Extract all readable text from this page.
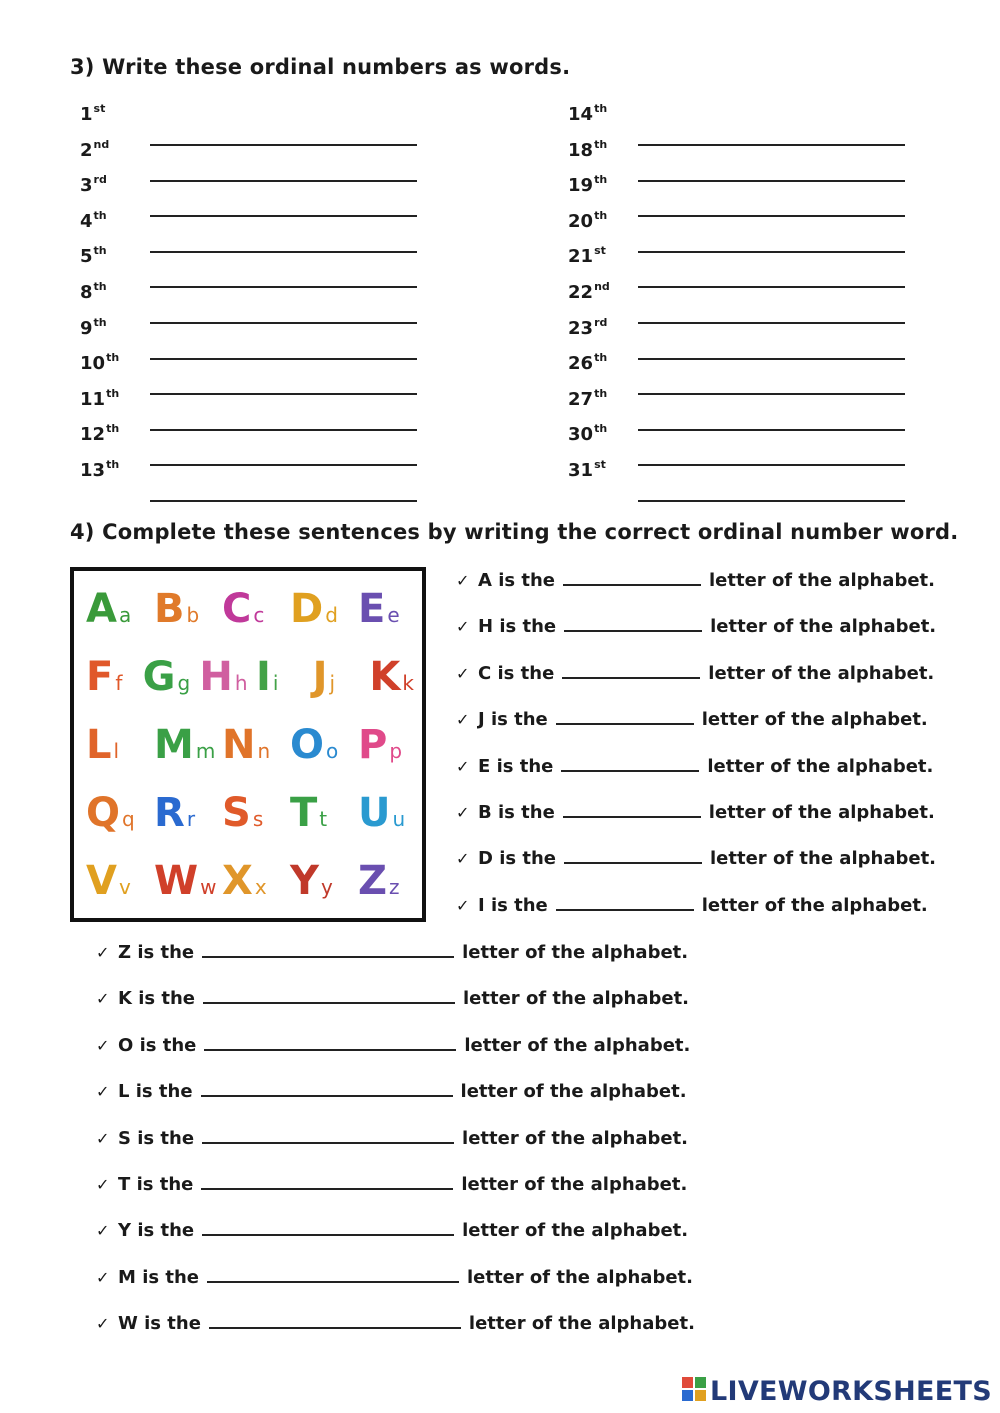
3) Write these ordinal numbers as words.
1st
2nd
3rd
4th
5th
8th
9th
10th
11th
12th
13th
14th
18th
19th
20th
21st
22nd
23rd
26th
27th
30th
31st
4) Complete these sentences by writing the correct ordinal number word.
Aa Bb Cc Dd Ee
Ff Gg Hh Ii Jj Kk
Ll Mm Nn Oo Pp
Qq Rr Ss Tt Uu
Vv Ww Xx Yy Zz
✓ A is the	letter of the alphabet.
✓ H is the	letter of the alphabet.
✓ C is the	letter of the alphabet.
✓ J is the	letter of the alphabet.
✓ E is the	letter of the alphabet.
✓ B is the	letter of the alphabet.
✓ D is the	letter of the alphabet.
✓ I is the	letter of the alphabet.
✓ Z is the	letter of the alphabet.
✓ K is the	letter of the alphabet.
✓ O is the	letter of the alphabet.
✓ L is the	letter of the alphabet.
✓ S is the	letter of the alphabet.
✓ T is the	letter of the alphabet.
✓ Y is the	letter of the alphabet.
✓ M is the	letter of the alphabet.
✓ W is the	letter of the alphabet.
LIVEWORKSHEETS
